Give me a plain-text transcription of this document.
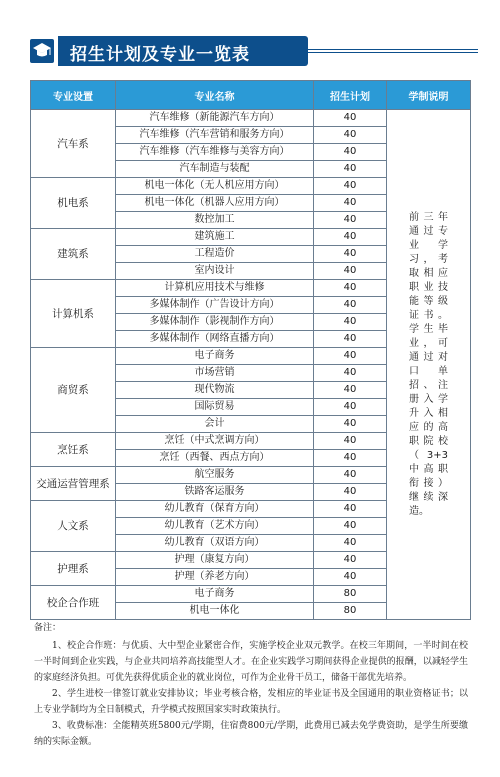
招生计划及专业一览表
专业设置	专业名称	招生计划	学制说明
汽车系	汽车维修（新能源汽车方向）	40	前三年通过专业学习，考取相应职业技能等级证书。学生毕业，可通过对口单招、注册入学升入相应的高职院校（3+3中高职衔接）继续深造。
	汽车维修（汽车营销和服务方向）	40	
	汽车维修（汽车维修与美容方向）	40	
	汽车制造与装配	40	
机电系	机电一体化（无人机应用方向）	40	
	机电一体化（机器人应用方向）	40	
	数控加工	40	
建筑系	建筑施工	40	
	工程造价	40	
	室内设计	40	
计算机系	计算机应用技术与维修	40	
	多媒体制作（广告设计方向）	40	
	多媒体制作（影视制作方向）	40	
	多媒体制作（网络直播方向）	40	
商贸系	电子商务	40	
	市场营销	40	
	现代物流	40	
	国际贸易	40	
	会计	40	
烹饪系	烹饪（中式烹调方向）	40	
	烹饪（西餐、西点方向）	40	
交通运营管理系	航空服务	40	
	铁路客运服务	40	
人文系	幼儿教育（保育方向）	40	
	幼儿教育（艺术方向）	40	
	幼儿教育（双语方向）	40	
护理系	护理（康复方向）	40	
	护理（养老方向）	40	
校企合作班	电子商务	80	
	机电一体化	80	
备注：

1、校企合作班：与优质、大中型企业紧密合作，实施学校企业双元教学。在校三年期间，一半时间在校一半时间到企业实践，与企业共同培养高技能型人才。在企业实践学习期间获得企业提供的报酬，以减轻学生的家庭经济负担。可优先获得优质企业的就业岗位，可作为企业骨干员工，储备干部优先培养。

2、学生进校一律签订就业安排协议；毕业考核合格，发相应的毕业证书及全国通用的职业资格证书；以上专业学制均为全日制模式，升学模式按照国家实时政策执行。

3、收费标准：全能精英班5800元/学期，住宿费800元/学期，此费用已减去免学费资助，是学生所要缴纳的实际金额。
